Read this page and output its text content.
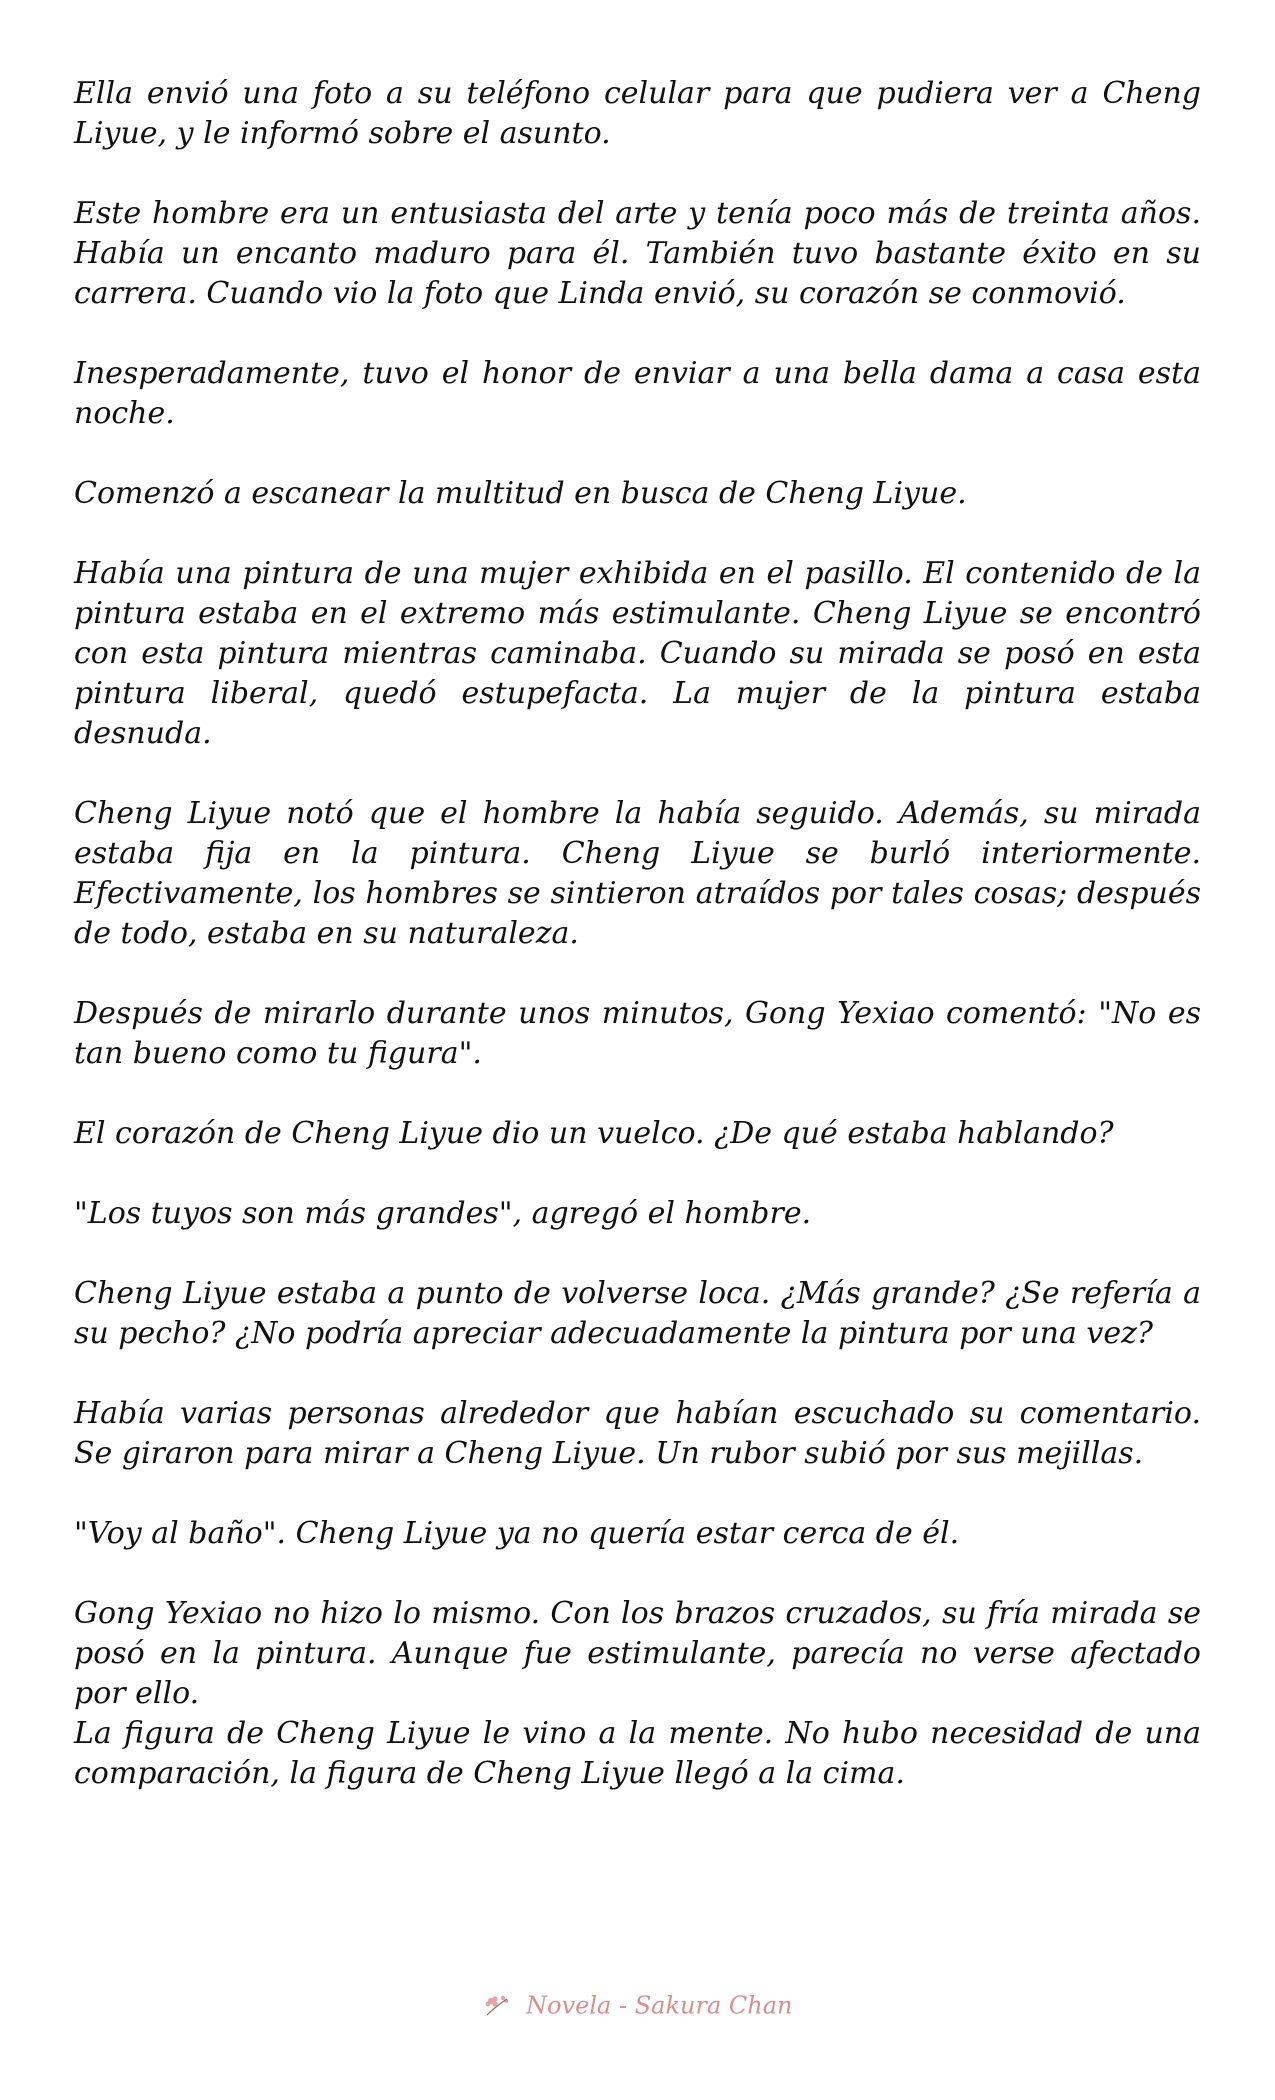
Ella envió una foto a su teléfono celular para que pudiera ver a Cheng Liyue, y le informó sobre el asunto.

Este hombre era un entusiasta del arte y tenía poco más de treinta años. Había un encanto maduro para él. También tuvo bastante éxito en su carrera. Cuando vio la foto que Linda envió, su corazón se conmovió.

Inesperadamente, tuvo el honor de enviar a una bella dama a casa esta noche.

Comenzó a escanear la multitud en busca de Cheng Liyue.

Había una pintura de una mujer exhibida en el pasillo. El contenido de la pintura estaba en el extremo más estimulante. Cheng Liyue se encontró con esta pintura mientras caminaba. Cuando su mirada se posó en esta pintura liberal, quedó estupefacta. La mujer de la pintura estaba desnuda.

Cheng Liyue notó que el hombre la había seguido. Además, su mirada estaba fija en la pintura. Cheng Liyue se burló interiormente. Efectivamente, los hombres se sintieron atraídos por tales cosas; después de todo, estaba en su naturaleza.

Después de mirarlo durante unos minutos, Gong Yexiao comentó: "No es tan bueno como tu figura".

El corazón de Cheng Liyue dio un vuelco. ¿De qué estaba hablando?

"Los tuyos son más grandes", agregó el hombre.

Cheng Liyue estaba a punto de volverse loca. ¿Más grande? ¿Se refería a su pecho? ¿No podría apreciar adecuadamente la pintura por una vez?

Había varias personas alrededor que habían escuchado su comentario. Se giraron para mirar a Cheng Liyue. Un rubor subió por sus mejillas.

"Voy al baño". Cheng Liyue ya no quería estar cerca de él.

Gong Yexiao no hizo lo mismo. Con los brazos cruzados, su fría mirada se posó en la pintura. Aunque fue estimulante, parecía no verse afectado por ello.

La figura de Cheng Liyue le vino a la mente. No hubo necesidad de una comparación, la figura de Cheng Liyue llegó a la cima.

Novela - Sakura Chan
